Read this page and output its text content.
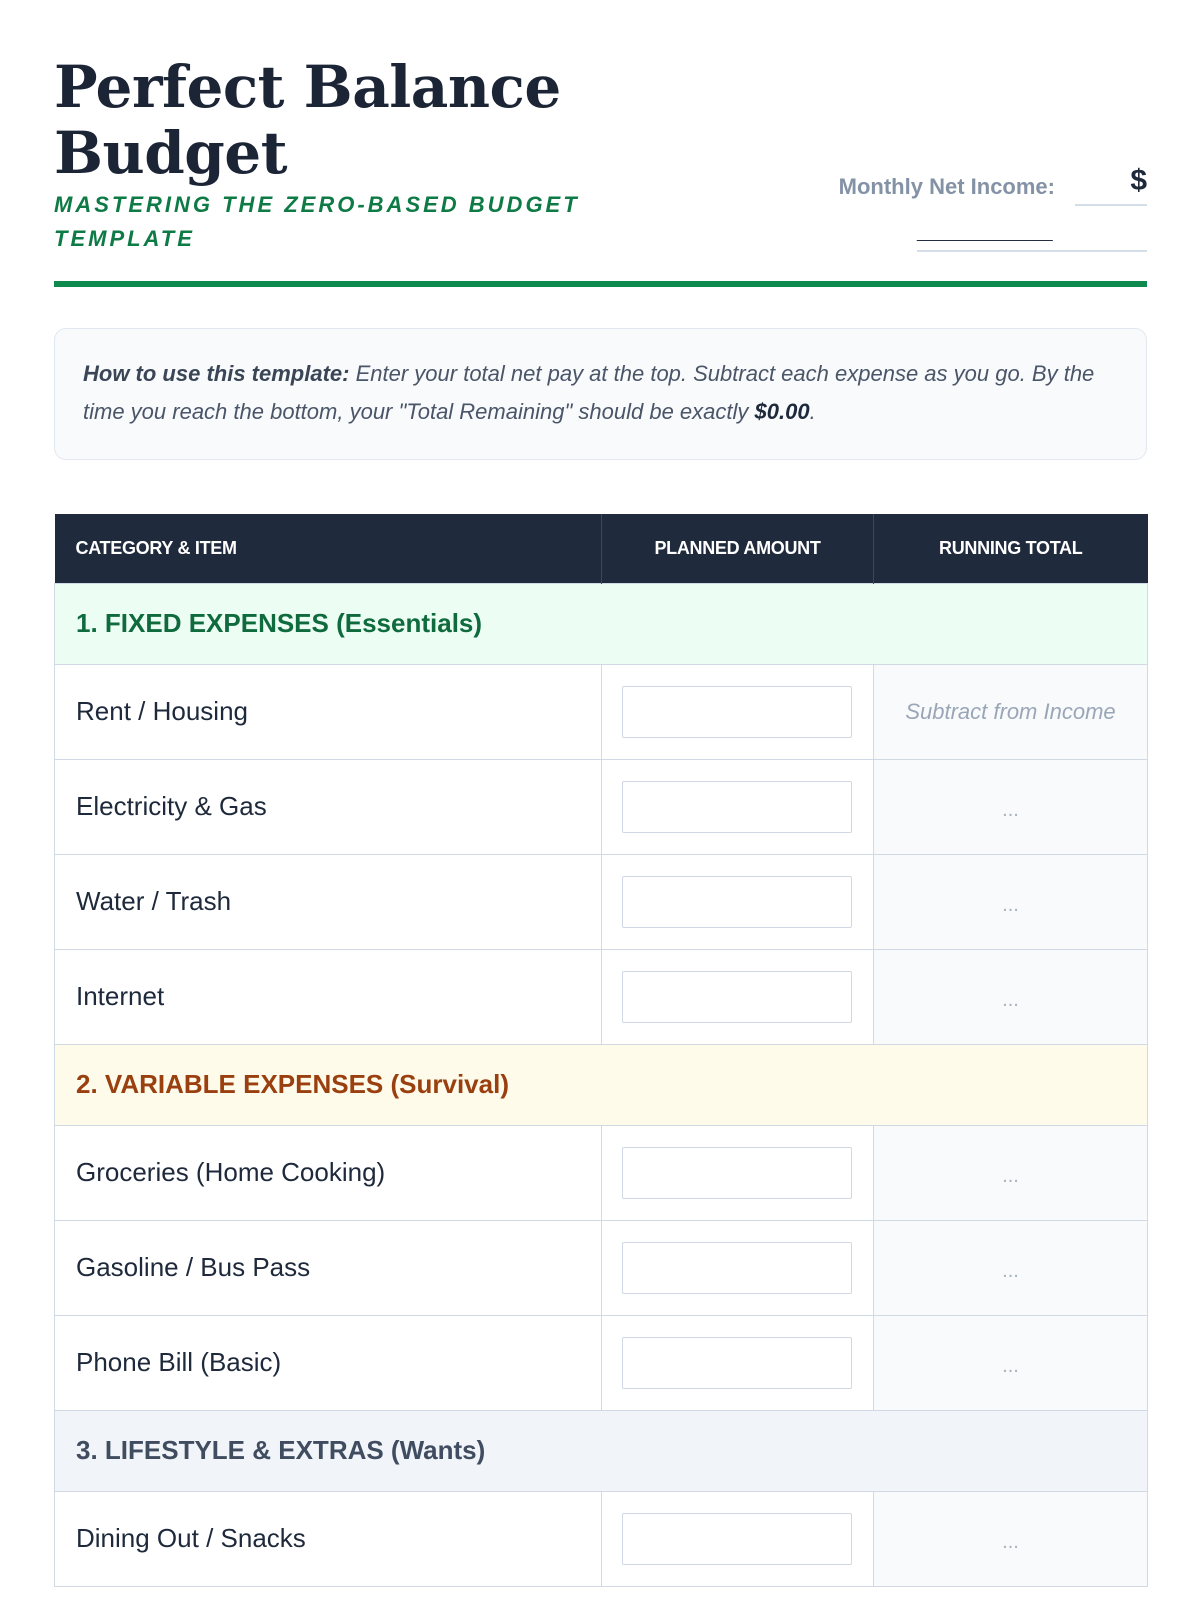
Perfect Balance Budget

MASTERING THE ZERO-BASED BUDGET TEMPLATE

Monthly Net Income:	$
__________
How to use this template: Enter your total net pay at the top. Subtract each expense as you go. By the time you reach the bottom, your "Total Remaining" should be exactly $0.00.
CATEGORY & ITEM	PLANNED AMOUNT	RUNNING TOTAL
1. FIXED EXPENSES (Essentials)		
Rent / Housing		Subtract from Income
Electricity & Gas		...
Water / Trash		...
Internet		...
2. VARIABLE EXPENSES (Survival)		
Groceries (Home Cooking)		...
Gasoline / Bus Pass		...
Phone Bill (Basic)		...
3. LIFESTYLE & EXTRAS (Wants)		
Dining Out / Snacks		...
